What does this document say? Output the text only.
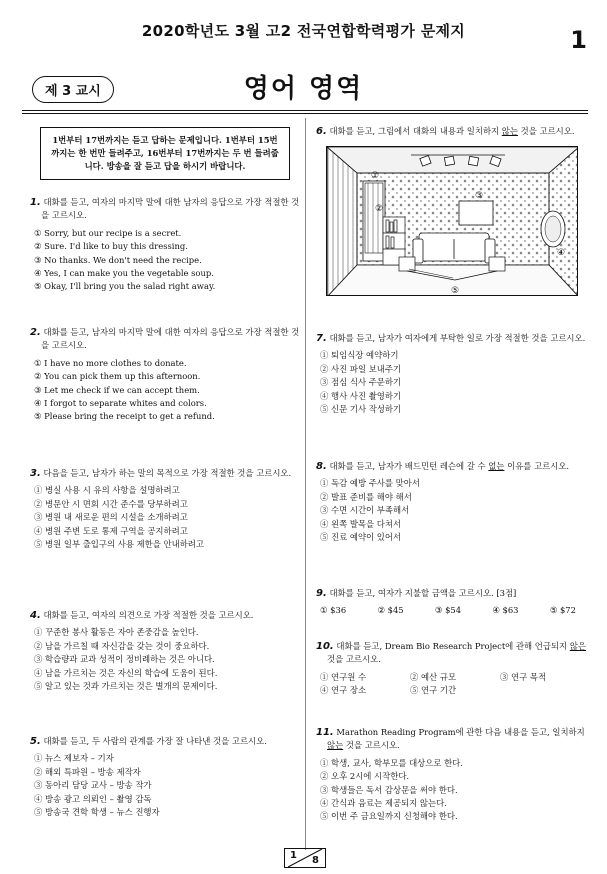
2020학년도 3월 고2 전국연합학력평가 문제지	1
제 3 교시	영어 영역
1번부터 17번까지는 듣고 답하는 문제입니다. 1번부터 15번까지는 한 번만 들려주고, 16번부터 17번까지는 두 번 들려줍니다. 방송을 잘 듣고 답을 하시기 바랍니다.
1. 대화를 듣고, 여자의 마지막 말에 대한 남자의 응답으로 가장 적절한 것을 고르시오.
① Sorry, but our recipe is a secret.
② Sure. I'd like to buy this dressing.
③ No thanks. We don't need the recipe.
④ Yes, I can make you the vegetable soup.
⑤ Okay, I'll bring you the salad right away.
2. 대화를 듣고, 남자의 마지막 말에 대한 여자의 응답으로 가장 적절한 것을 고르시오.
① I have no more clothes to donate.
② You can pick them up this afternoon.
③ Let me check if we can accept them.
④ I forgot to separate whites and colors.
⑤ Please bring the receipt to get a refund.
3. 다음을 듣고, 남자가 하는 말의 목적으로 가장 적절한 것을 고르시오.
① 병실 사용 시 유의 사항을 설명하려고
② 병문안 시 면회 시간 준수를 당부하려고
③ 병원 내 새로운 편의 시설을 소개하려고
④ 병원 주변 도로 통제 구역을 공지하려고
⑤ 병원 일부 출입구의 사용 제한을 안내하려고
4. 대화를 듣고, 여자의 의견으로 가장 적절한 것을 고르시오.
① 꾸준한 봉사 활동은 자아 존중감을 높인다.
② 남을 가르칠 때 자신감을 갖는 것이 중요하다.
③ 학습량과 교과 성적이 정비례하는 것은 아니다.
④ 남을 가르치는 것은 자신의 학습에 도움이 된다.
⑤ 알고 있는 것과 가르치는 것은 별개의 문제이다.
5. 대화를 듣고, 두 사람의 관계를 가장 잘 나타낸 것을 고르시오.
① 뉴스 제보자 – 기자
② 해외 특파원 – 방송 제작자
③ 동아리 담당 교사 – 방송 작가
④ 방송 광고 의뢰인 – 촬영 감독
⑤ 방송국 견학 학생 – 뉴스 진행자
6. 대화를 듣고, 그림에서 대화의 내용과 일치하지 않는 것을 고르시오.
①
②
③
④
⑤
7. 대화를 듣고, 남자가 여자에게 부탁한 일로 가장 적절한 것을 고르시오.
① 퇴임식장 예약하기
② 사진 파일 보내주기
③ 점심 식사 주문하기
④ 행사 사진 촬영하기
⑤ 신문 기사 작성하기
8. 대화를 듣고, 남자가 배드민턴 레슨에 갈 수 없는 이유를 고르시오.
① 독감 예방 주사를 맞아서
② 발표 준비를 해야 해서
③ 수면 시간이 부족해서
④ 왼쪽 발목을 다쳐서
⑤ 진료 예약이 있어서
9. 대화를 듣고, 여자가 지불할 금액을 고르시오. [3점]
① $36	② $45	③ $54	④ $63	⑤ $72
10. 대화를 듣고, Dream Bio Research Project에 관해 언급되지 않은 것을 고르시오.
① 연구원 수	② 예산 규모	③ 연구 목적
④ 연구 장소	⑤ 연구 기간
11. Marathon Reading Program에 관한 다음 내용을 듣고, 일치하지 않는 것을 고르시오.
① 학생, 교사, 학부모를 대상으로 한다.
② 오후 2시에 시작한다.
③ 학생들은 독서 감상문을 써야 한다.
④ 간식과 음료는 제공되지 않는다.
⑤ 이번 주 금요일까지 신청해야 한다.
1 8
